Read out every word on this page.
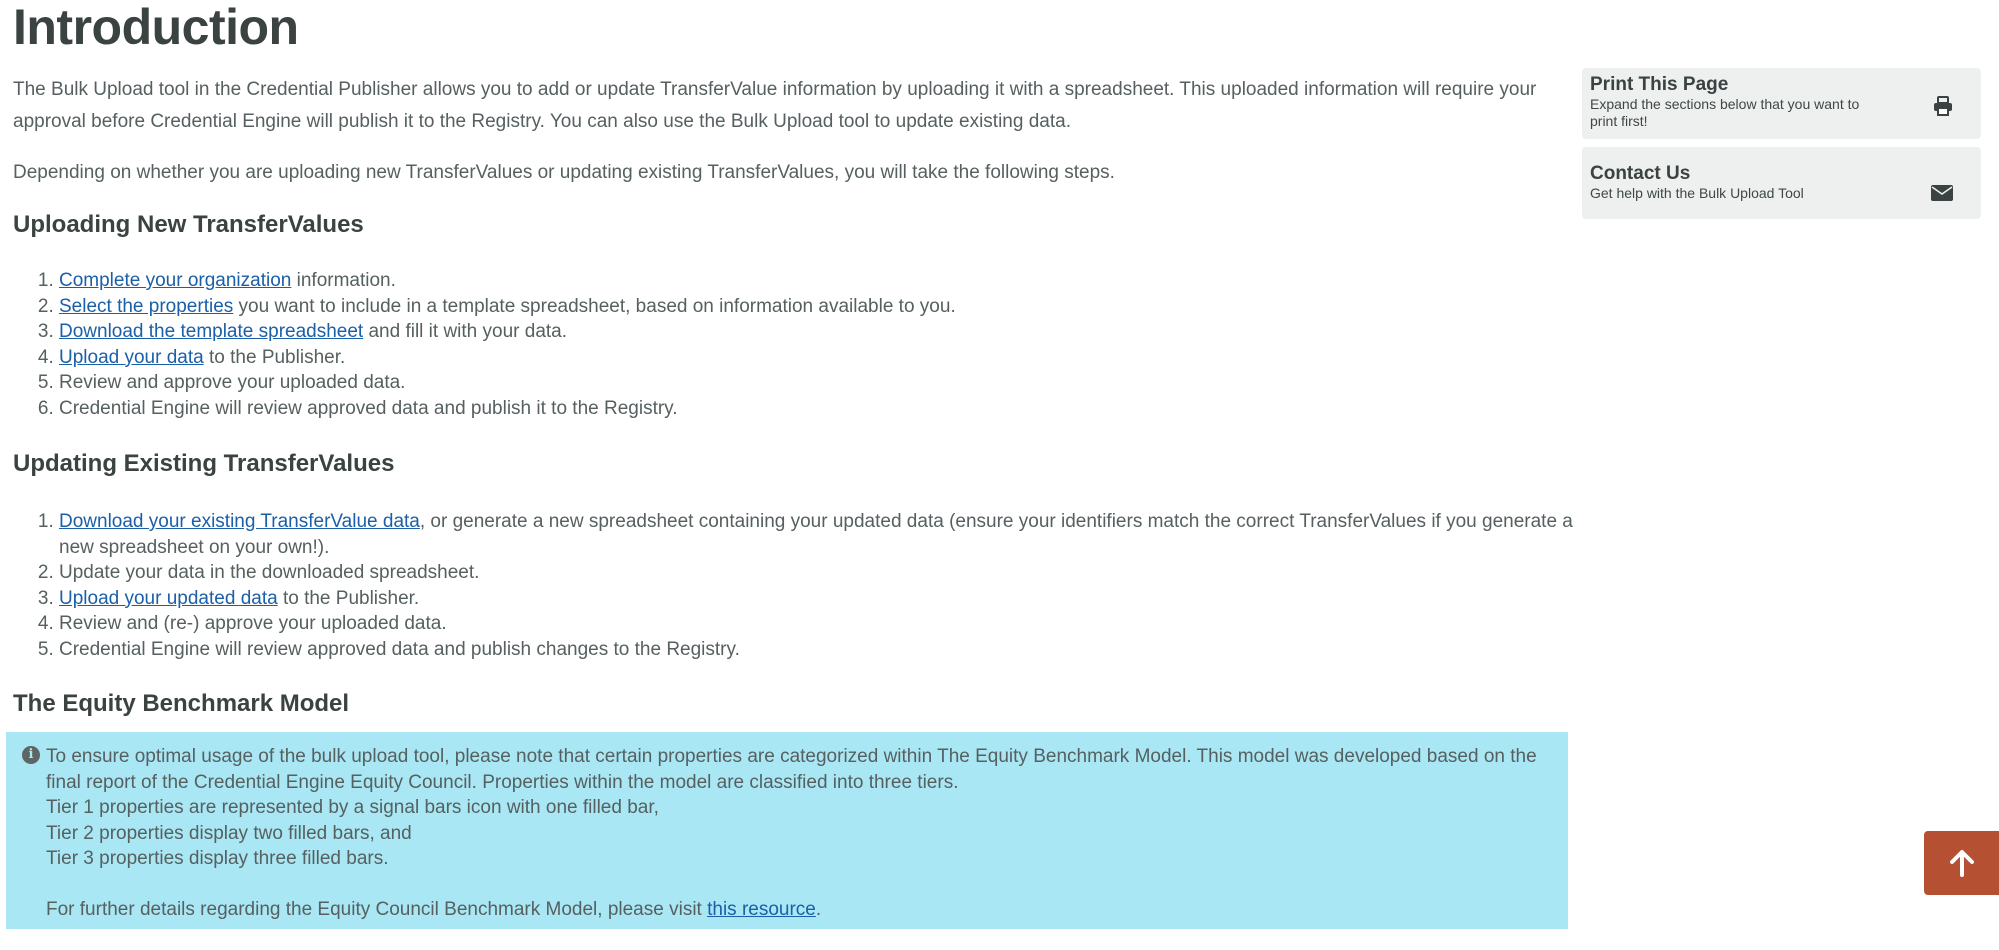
Introduction

The Bulk Upload tool in the Credential Publisher allows you to add or update TransferValue information by uploading it with a spreadsheet. This uploaded information will require your approval before Credential Engine will publish it to the Registry. You can also use the Bulk Upload tool to update existing data.

Depending on whether you are uploading new TransferValues or updating existing TransferValues, you will take the following steps.

Uploading New TransferValues
1. Complete your organization information.
2. Select the properties you want to include in a template spreadsheet, based on information available to you.
3. Download the template spreadsheet and fill it with your data.
4. Upload your data to the Publisher.
5. Review and approve your uploaded data.
6. Credential Engine will review approved data and publish it to the Registry.
Updating Existing TransferValues
1. Download your existing TransferValue data, or generate a new spreadsheet containing your updated data (ensure your identifiers match the correct TransferValues if you generate a new spreadsheet on your own!).
2. Update your data in the downloaded spreadsheet.
3. Upload your updated data to the Publisher.
4. Review and (re-) approve your uploaded data.
5. Credential Engine will review approved data and publish changes to the Registry.
The Equity Benchmark Model
i To ensure optimal usage of the bulk upload tool, please note that certain properties are categorized within The Equity Benchmark Model. This model was developed based on the final report of the Credential Engine Equity Council. Properties within the model are classified into three tiers.
Tier 1 properties are represented by a signal bars icon with one filled bar,
Tier 2 properties display two filled bars, and
Tier 3 properties display three filled bars.
For further details regarding the Equity Council Benchmark Model, please visit this resource.
Print This Page
Expand the sections below that you want to print first!
Contact Us
Get help with the Bulk Upload Tool
